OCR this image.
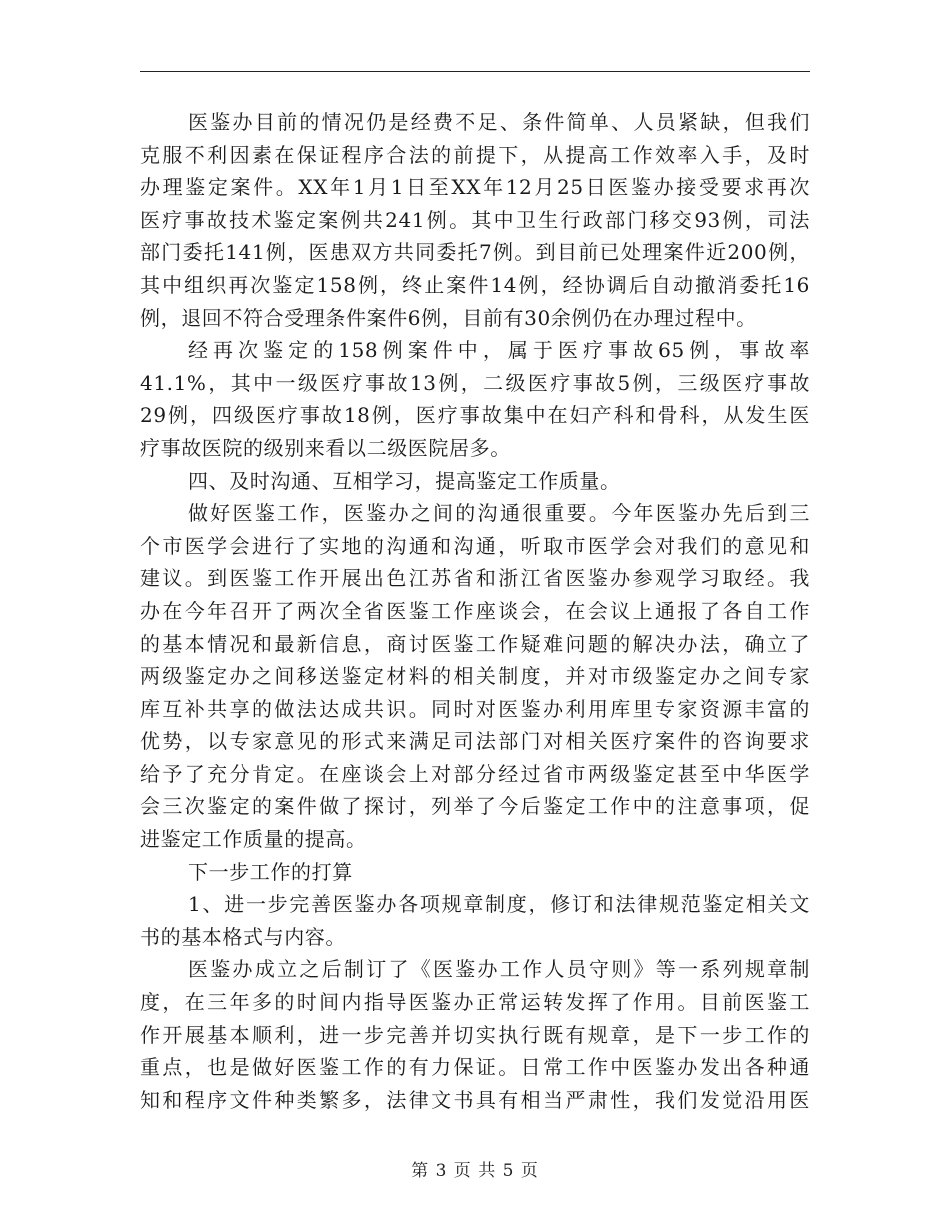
医鉴办目前的情况仍是经费不足、条件简单、人员紧缺，但我们
克服不利因素在保证程序合法的前提下，从提高工作效率入手，及时
办理鉴定案件。XX年1月1日至XX年12月25日医鉴办接受要求再次
医疗事故技术鉴定案例共241例。其中卫生行政部门移交93例，司法
部门委托141例，医患双方共同委托7例。到目前已处理案件近200例，
其中组织再次鉴定158例，终止案件14例，经协调后自动撤消委托16
例，退回不符合受理条件案件6例，目前有30余例仍在办理过程中。
经再次鉴定的158例案件中，属于医疗事故65例，事故率
41.1%，其中一级医疗事故13例，二级医疗事故5例，三级医疗事故
29例，四级医疗事故18例，医疗事故集中在妇产科和骨科，从发生医
疗事故医院的级别来看以二级医院居多。
四、及时沟通、互相学习，提高鉴定工作质量。
做好医鉴工作，医鉴办之间的沟通很重要。今年医鉴办先后到三
个市医学会进行了实地的沟通和沟通，听取市医学会对我们的意见和
建议。到医鉴工作开展出色江苏省和浙江省医鉴办参观学习取经。我
办在今年召开了两次全省医鉴工作座谈会，在会议上通报了各自工作
的基本情况和最新信息，商讨医鉴工作疑难问题的解决办法，确立了
两级鉴定办之间移送鉴定材料的相关制度，并对市级鉴定办之间专家
库互补共享的做法达成共识。同时对医鉴办利用库里专家资源丰富的
优势，以专家意见的形式来满足司法部门对相关医疗案件的咨询要求
给予了充分肯定。在座谈会上对部分经过省市两级鉴定甚至中华医学
会三次鉴定的案件做了探讨，列举了今后鉴定工作中的注意事项，促
进鉴定工作质量的提高。
下一步工作的打算
1、进一步完善医鉴办各项规章制度，修订和法律规范鉴定相关文
书的基本格式与内容。
医鉴办成立之后制订了《医鉴办工作人员守则》等一系列规章制
度，在三年多的时间内指导医鉴办正常运转发挥了作用。目前医鉴工
作开展基本顺利，进一步完善并切实执行既有规章，是下一步工作的
重点，也是做好医鉴工作的有力保证。日常工作中医鉴办发出各种通
知和程序文件种类繁多，法律文书具有相当严肃性，我们发觉沿用医
第 3 页 共 5 页
